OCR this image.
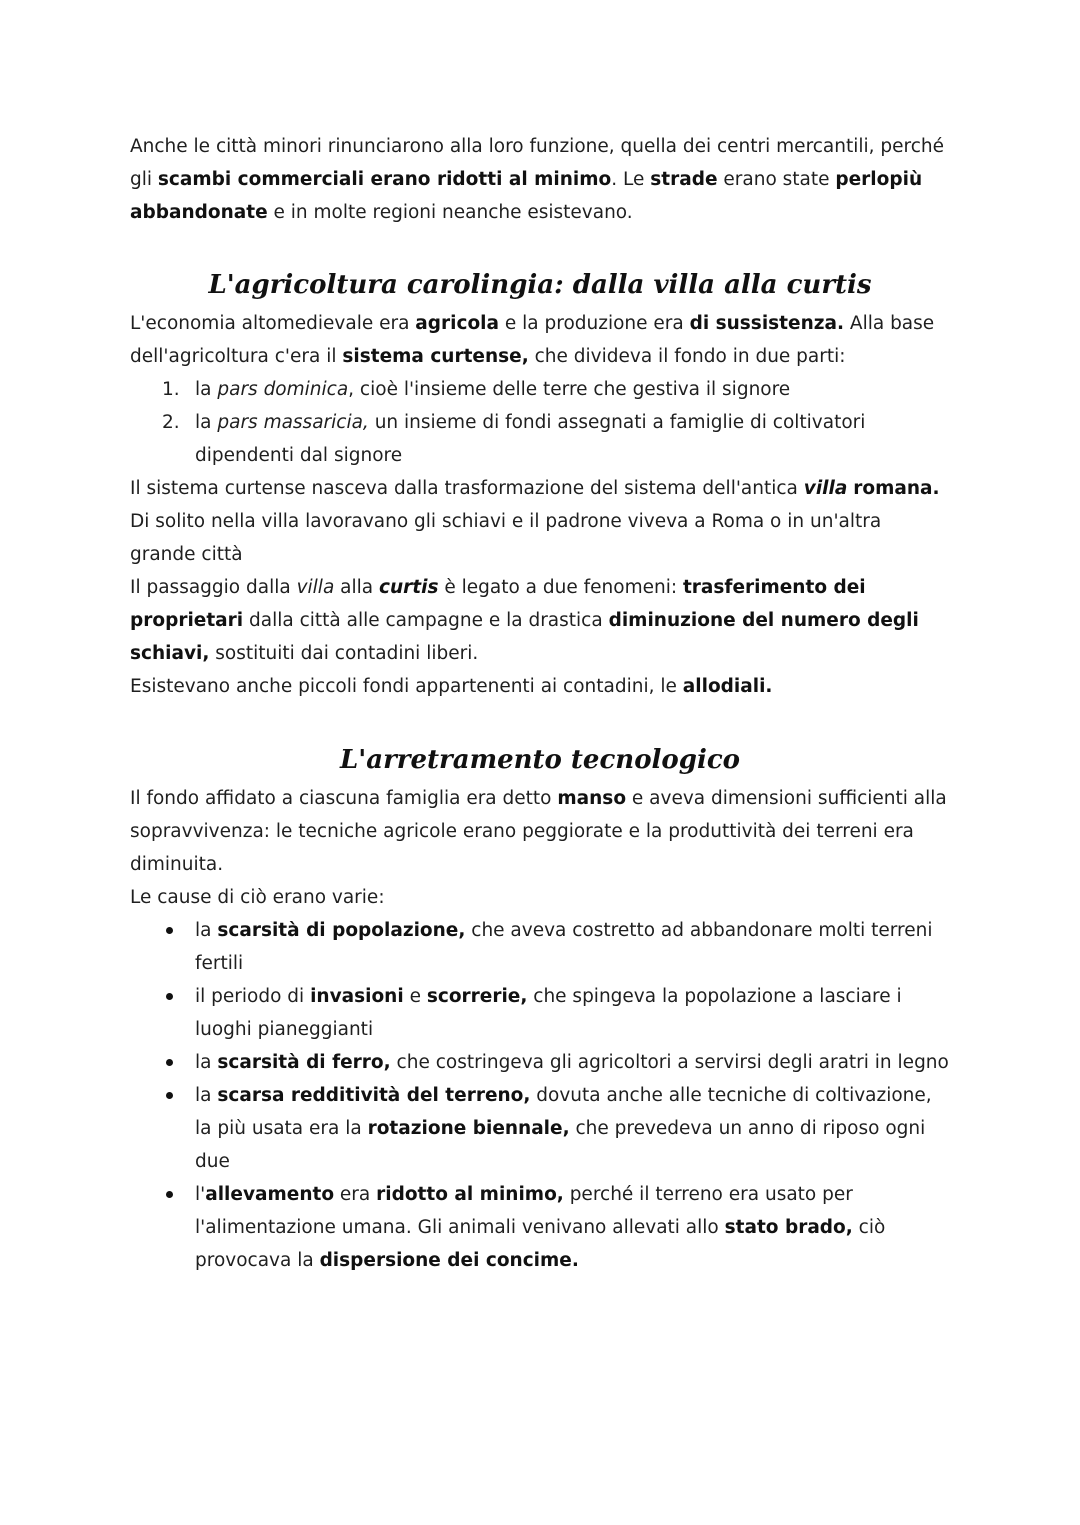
Anche le città minori rinunciarono alla loro funzione, quella dei centri mercantili, perché gli scambi commerciali erano ridotti al minimo. Le strade erano state perlopiù abbandonate e in molte regioni neanche esistevano.

L'agricoltura carolingia: dalla villa alla curtis

L'economia altomedievale era agricola e la produzione era di sussistenza. Alla base dell'agricoltura c'era il sistema curtense, che divideva il fondo in due parti:

1. la pars dominica, cioè l'insieme delle terre che gestiva il signore
2. la pars massaricia, un insieme di fondi assegnati a famiglie di coltivatori dipendenti dal signore

Il sistema curtense nasceva dalla trasformazione del sistema dell'antica villa romana. Di solito nella villa lavoravano gli schiavi e il padrone viveva a Roma o in un'altra grande città

Il passaggio dalla villa alla curtis è legato a due fenomeni: trasferimento dei proprietari dalla città alle campagne e la drastica diminuzione del numero degli schiavi, sostituiti dai contadini liberi.

Esistevano anche piccoli fondi appartenenti ai contadini, le allodiali.

L'arretramento tecnologico

Il fondo affidato a ciascuna famiglia era detto manso e aveva dimensioni sufficienti alla sopravvivenza: le tecniche agricole erano peggiorate e la produttività dei terreni era diminuita.

Le cause di ciò erano varie:

la scarsità di popolazione, che aveva costretto ad abbandonare molti terreni fertili
il periodo di invasioni e scorrerie, che spingeva la popolazione a lasciare i luoghi pianeggianti
la scarsità di ferro, che costringeva gli agricoltori a servirsi degli aratri in legno
la scarsa redditività del terreno, dovuta anche alle tecniche di coltivazione, la più usata era la rotazione biennale, che prevedeva un anno di riposo ogni due
l'allevamento era ridotto al minimo, perché il terreno era usato per l'alimentazione umana. Gli animali venivano allevati allo stato brado, ciò provocava la dispersione dei concime.
